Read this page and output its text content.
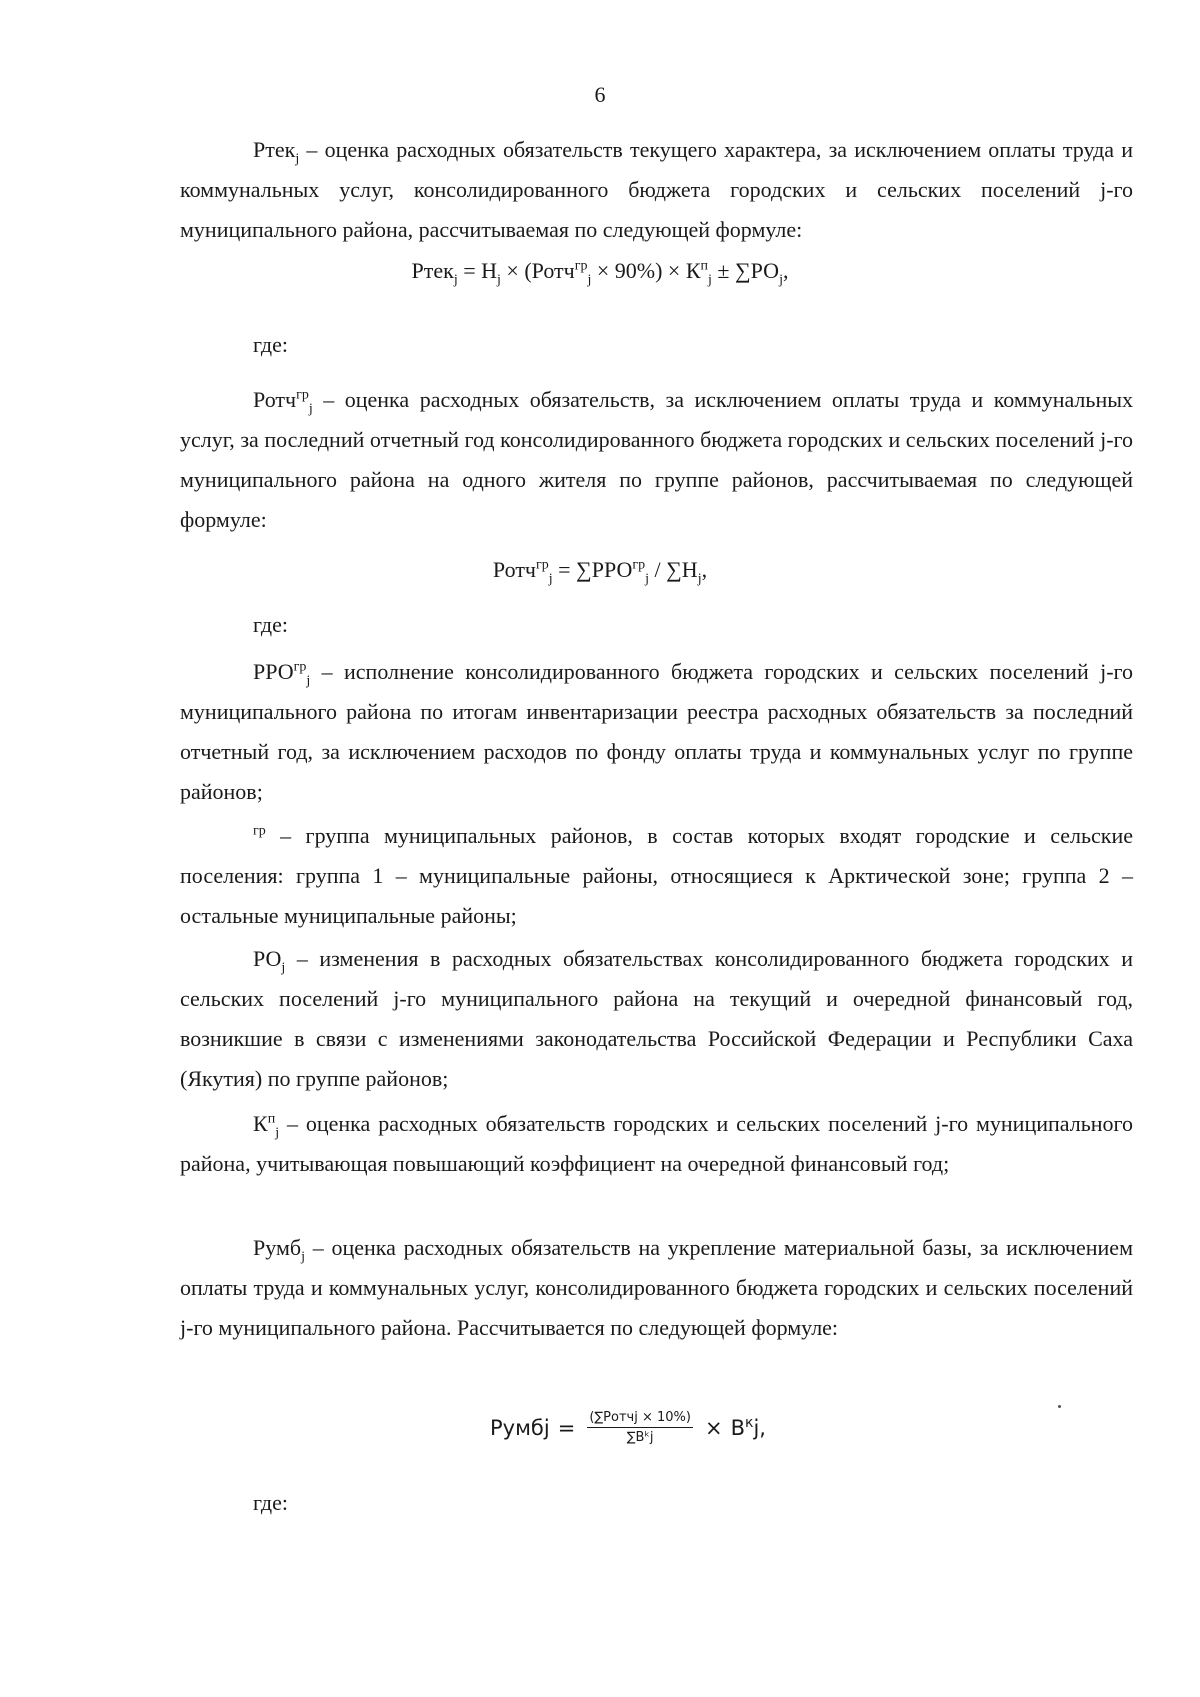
6

Ртек$_j$ – оценка расходных обязательств текущего характера, за исключением оплаты труда и коммунальных услуг, консолидированного бюджета городских и сельских поселений j-го муниципального района, рассчитываемая по следующей формуле:

Ртек$_j$ = $Н_j$ × (Ротч$^{гр}_j$ × $90\%) \times К^п_j \pm \sum РО_j$,

где:

Ротч$^{гр}_j$ – оценка расходных обязательств, за исключением оплаты труда и коммунальных услуг, за последний отчетный год консолидированного бюджета городских и сельских поселений j-го муниципального района на одного жителя по группе районов, рассчитываемая по следующей формуле:

Ротч$^{гр}_j$ = $\sum РРО^{гр}_j / \sum Н_j$,

где:

$РРО^{гр}_j$ – исполнение консолидированного бюджета городских и сельских поселений j-го муниципального района по итогам инвентаризации реестра расходных обязательств за последний отчетный год, за исключением расходов по фонду оплаты труда и коммунальных услуг по группе районов;

$^{гр}$ – группа муниципальных районов, в состав которых входят городские и сельские поселения: группа 1 – муниципальные районы, относящиеся к Арктической зоне; группа 2 – остальные муниципальные районы;

$РО_j$ – изменения в расходных обязательствах консолидированного бюджета городских и сельских поселений j-го муниципального района на текущий и очередной финансовый год, возникшие в связи с изменениями законодательства Российской Федерации и Республики Саха (Якутия) по группе районов;

$К^п_j$ – оценка расходных обязательств городских и сельских поселений j-го муниципального района, учитывающая повышающий коэффициент на очередной финансовый год;

Румб$_j$ – оценка расходных обязательств на укрепление материальной базы, за исключением оплаты труда и коммунальных услуг, консолидированного бюджета городских и сельских поселений j-го муниципального района. Рассчитывается по следующей формуле:

Румбj = $\frac{\text{(∑Ротчj × 10\%)}}{\text{∑Bᵏj}} \times B^кj$,

где:
